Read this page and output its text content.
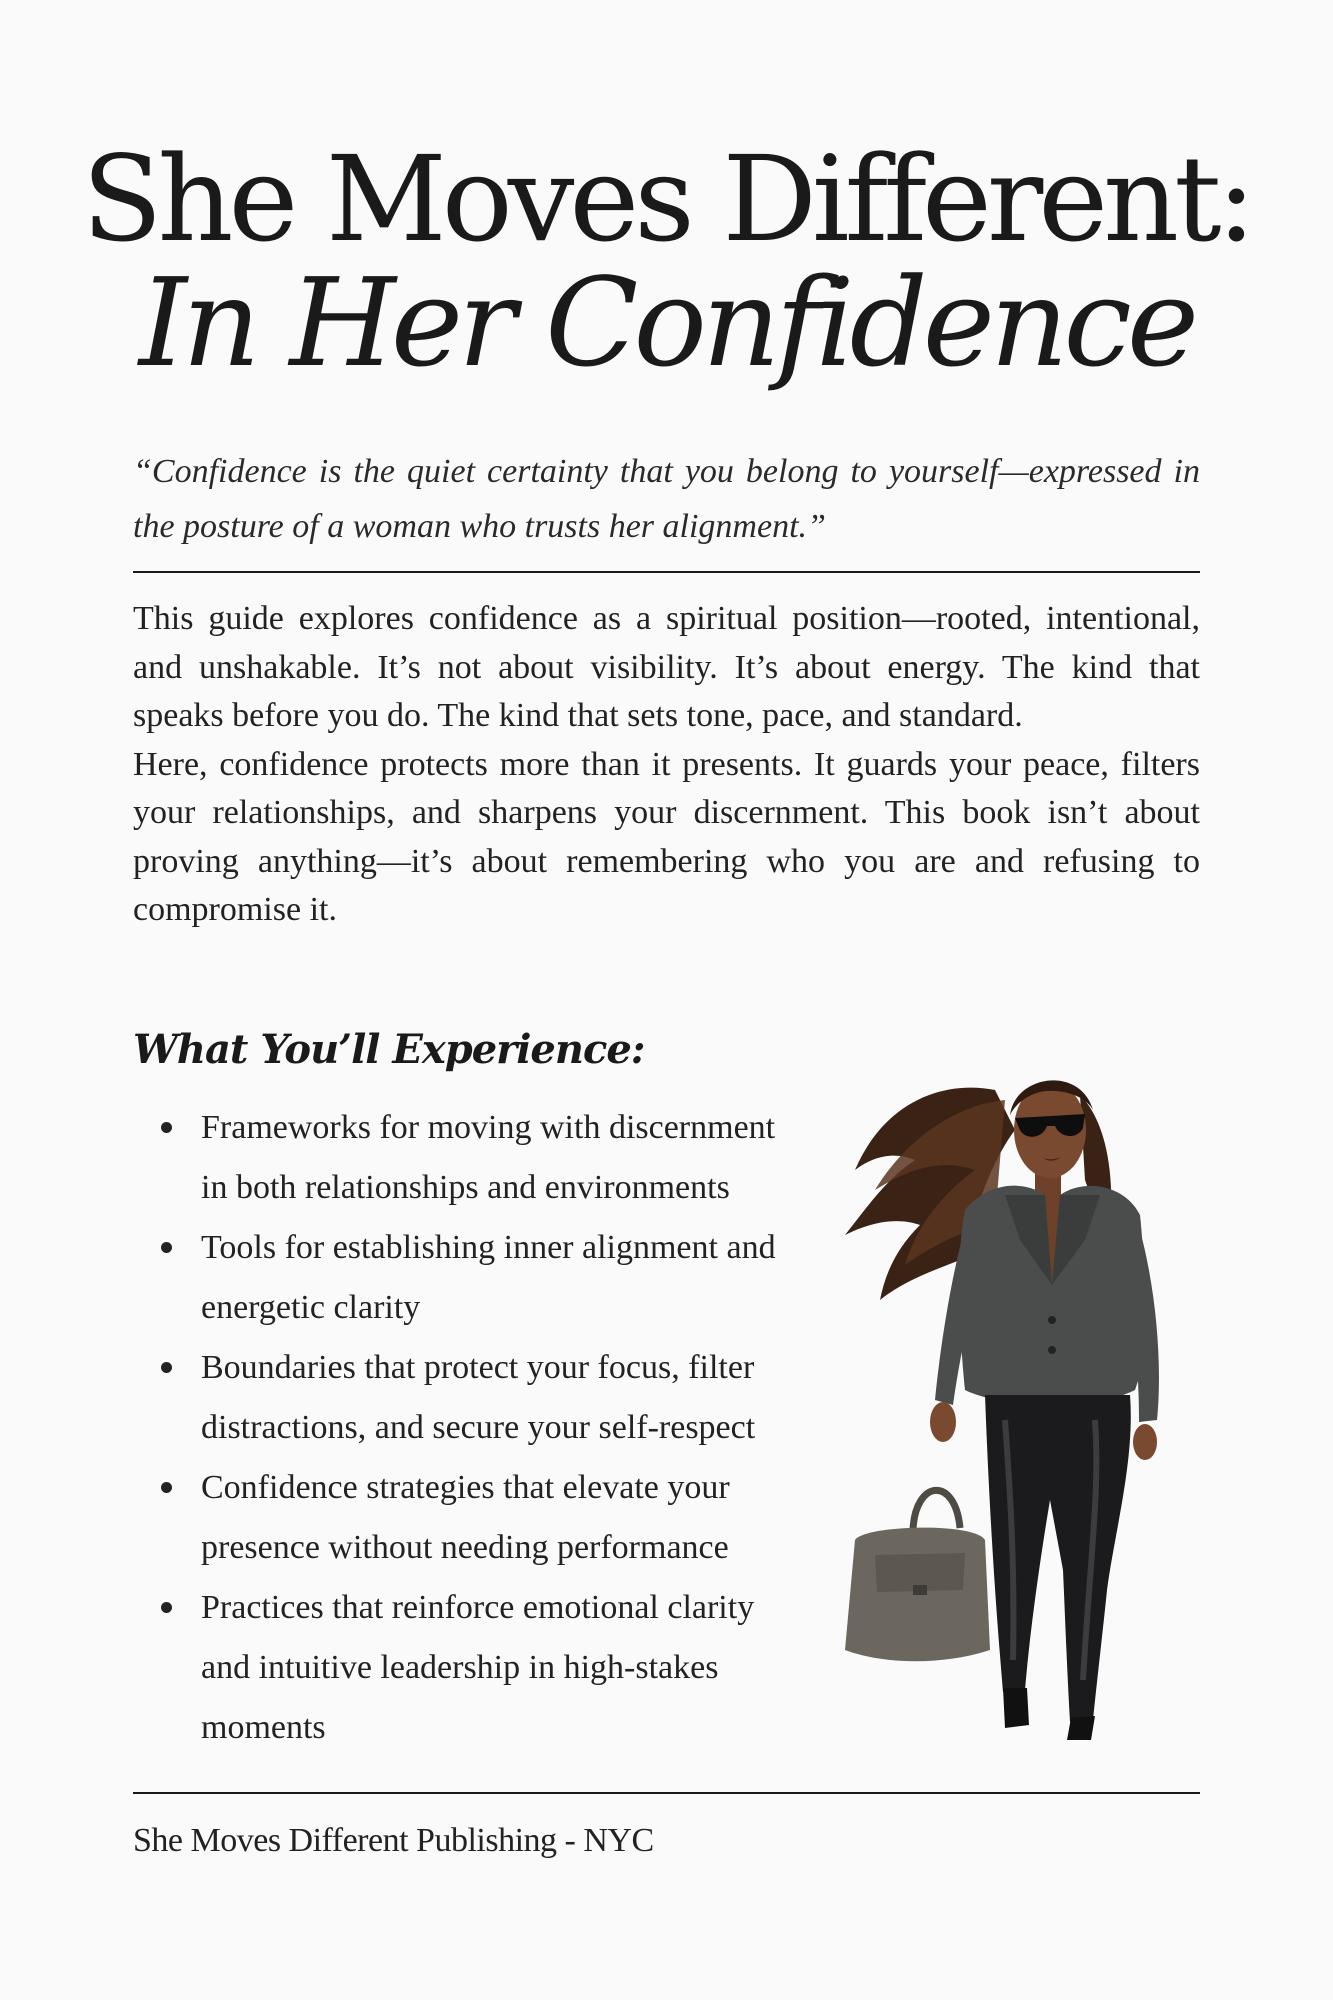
She Moves Different:
In Her Confidence
“Confidence is the quiet certainty that you belong to yourself—expressed in the posture of a woman who trusts her alignment.”

This guide explores confidence as a spiritual position—rooted, intentional, and unshakable. It’s not about visibility. It’s about energy. The kind that speaks before you do. The kind that sets tone, pace, and standard.

Here, confidence protects more than it presents. It guards your peace, filters your relationships, and sharpens your discernment. This book isn’t about proving anything—it’s about remembering who you are and refusing to compromise it.

What You’ll Experience:
Frameworks for moving with discernment
in both relationships and environments
Tools for establishing inner alignment and
energetic clarity
Boundaries that protect your focus, filter
distractions, and secure your self-respect
Confidence strategies that elevate your
presence without needing performance
Practices that reinforce emotional clarity
and intuitive leadership in high-stakes
moments
She Moves Different Publishing - NYC
